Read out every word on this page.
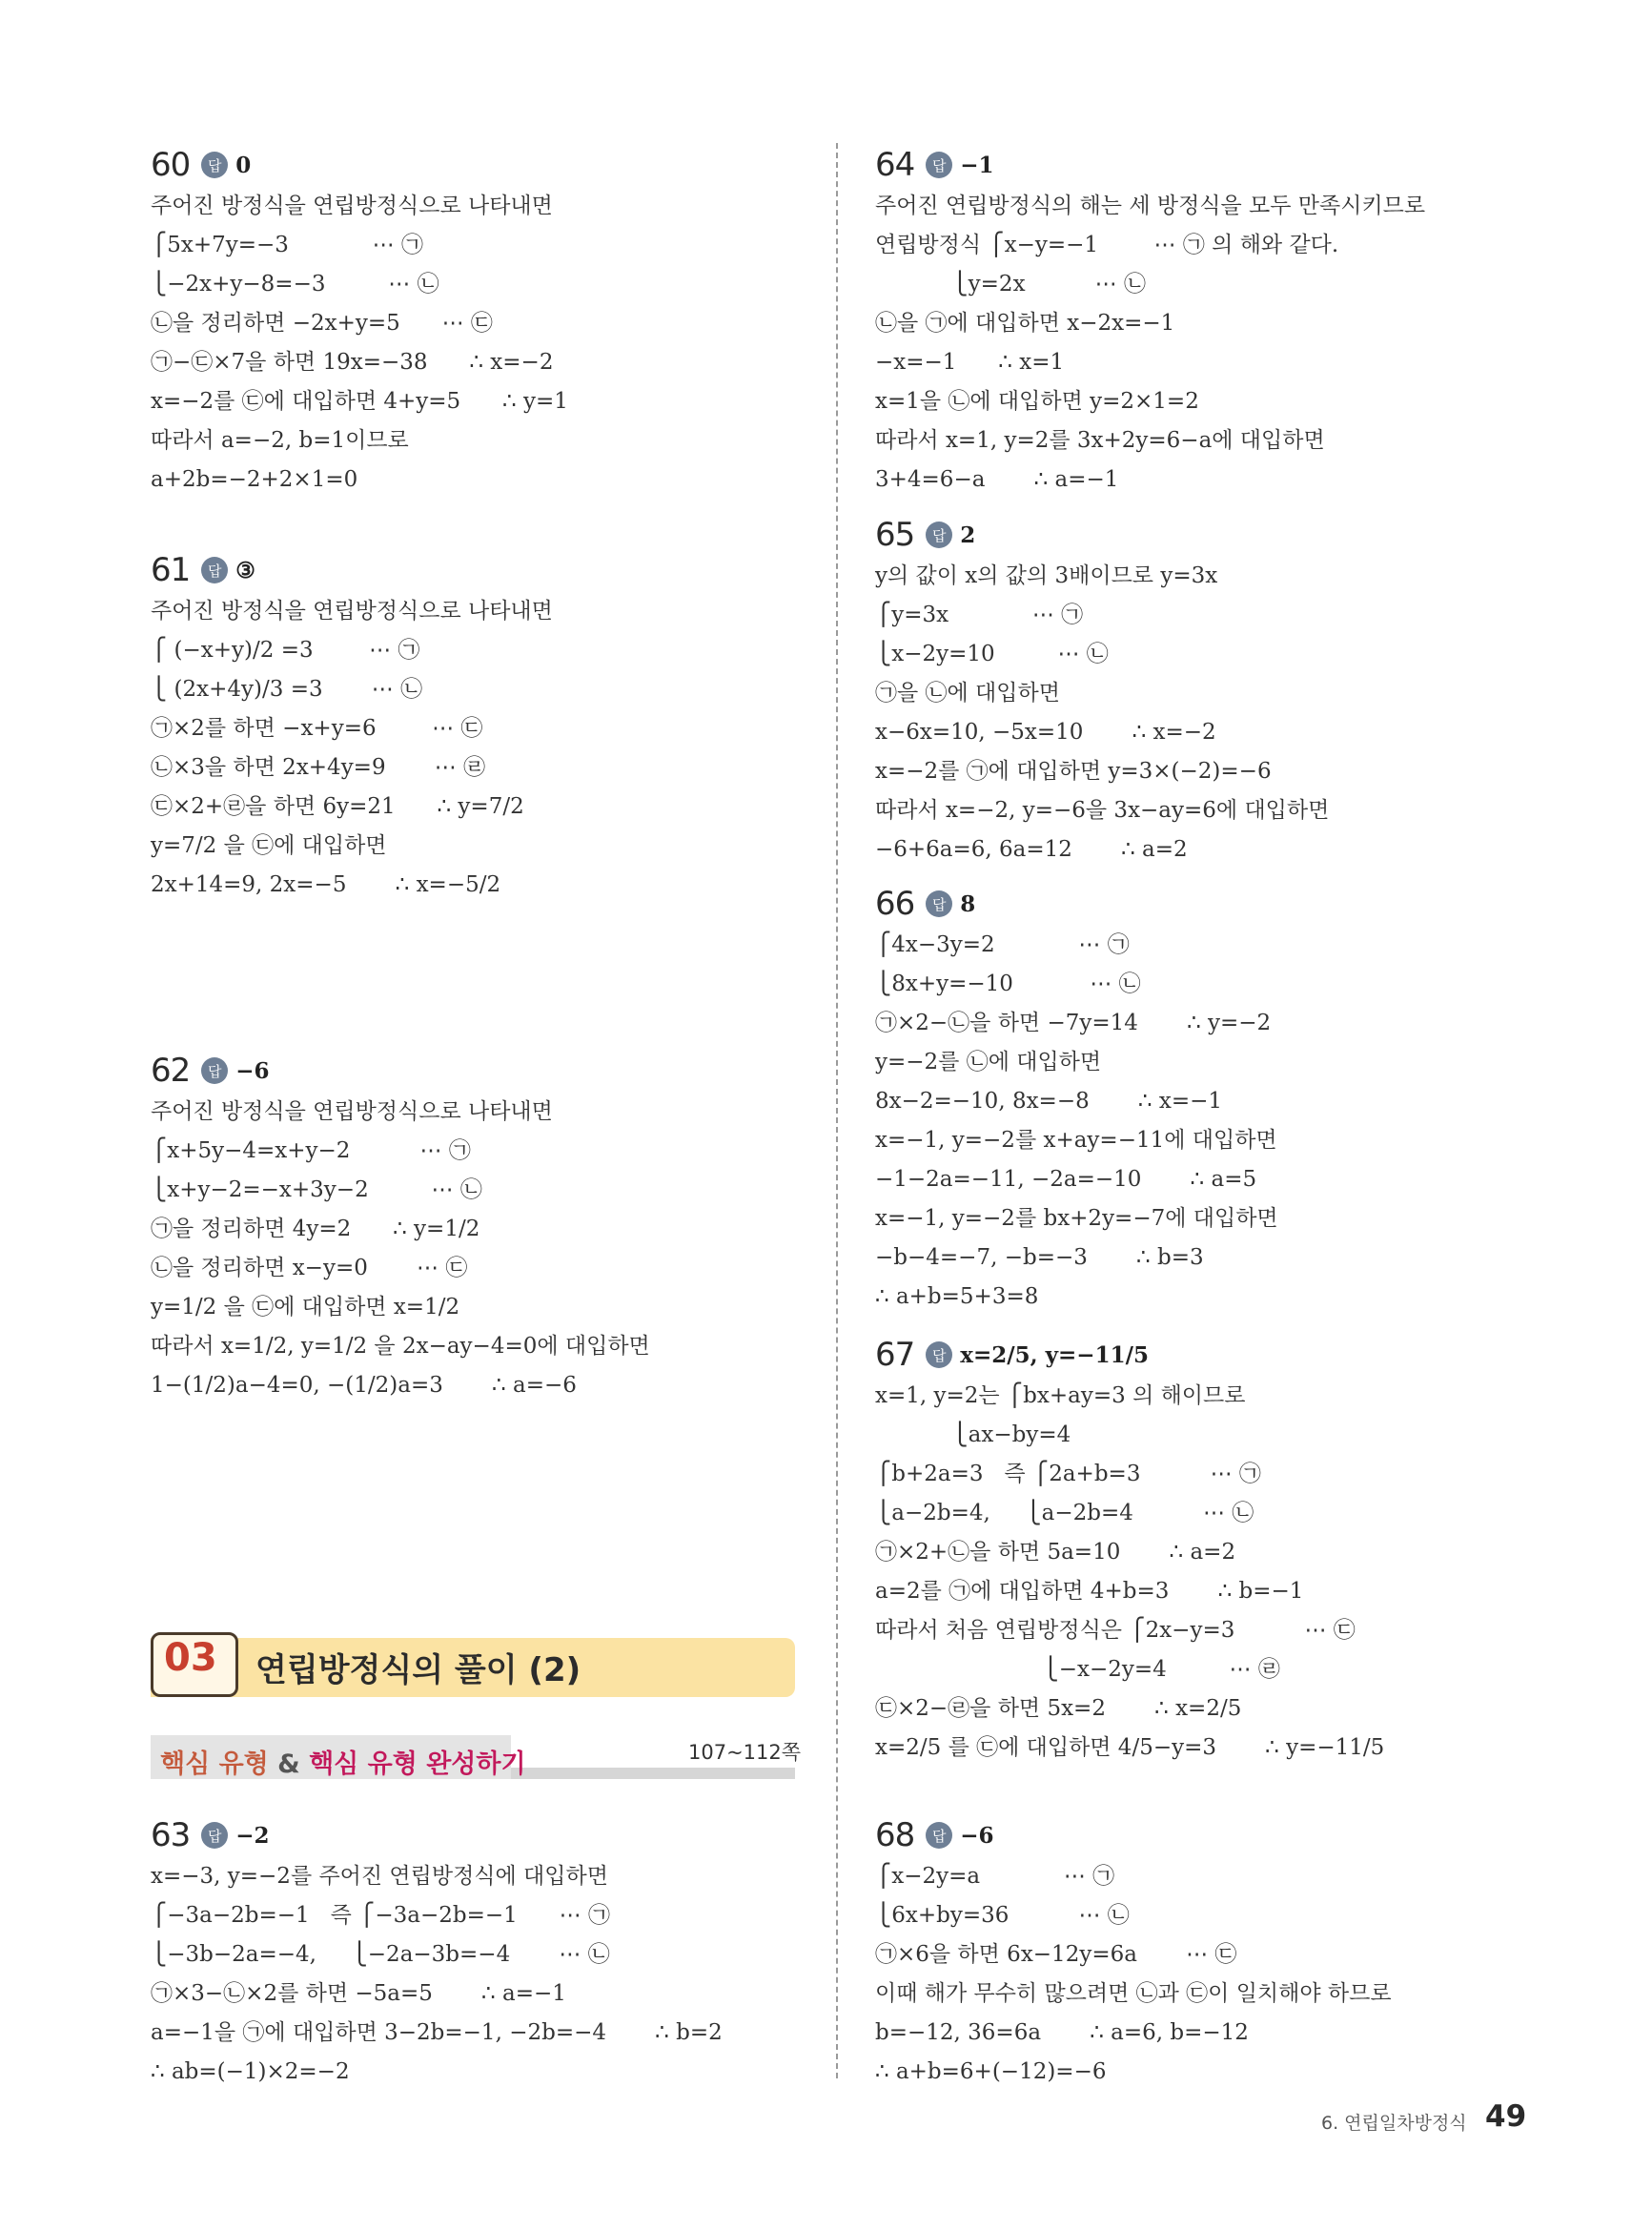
60	답 0
주어진 방정식을 연립방정식으로 나타내면
⎧5x+7y=−3            ⋯ ㉠
⎩−2x+y−8=−3         ⋯ ㉡
㉡을 정리하면 −2x+y=5      ⋯ ㉢
㉠−㉢×7을 하면 19x=−38      ∴ x=−2
x=−2를 ㉢에 대입하면 4+y=5      ∴ y=1
따라서 a=−2, b=1이므로
a+2b=−2+2×1=0
61	답 ③
주어진 방정식을 연립방정식으로 나타내면
⎧ (−x+y)/2 =3        ⋯ ㉠
⎩ (2x+4y)/3 =3       ⋯ ㉡
㉠×2를 하면 −x+y=6        ⋯ ㉢
㉡×3을 하면 2x+4y=9       ⋯ ㉣
㉢×2+㉣을 하면 6y=21      ∴ y=7/2
y=7/2 을 ㉢에 대입하면
2x+14=9, 2x=−5       ∴ x=−5/2
62	답 −6
주어진 방정식을 연립방정식으로 나타내면
⎧x+5y−4=x+y−2          ⋯ ㉠
⎩x+y−2=−x+3y−2         ⋯ ㉡
㉠을 정리하면 4y=2      ∴ y=1/2
㉡을 정리하면 x−y=0       ⋯ ㉢
y=1/2 을 ㉢에 대입하면 x=1/2
따라서 x=1/2, y=1/2 을 2x−ay−4=0에 대입하면
1−(1/2)a−4=0, −(1/2)a=3       ∴ a=−6
63	답 −2
x=−3, y=−2를 주어진 연립방정식에 대입하면
⎧−3a−2b=−1   즉 ⎧−3a−2b=−1      ⋯ ㉠
⎩−3b−2a=−4,     ⎩−2a−3b=−4       ⋯ ㉡
㉠×3−㉡×2를 하면 −5a=5       ∴ a=−1
a=−1을 ㉠에 대입하면 3−2b=−1, −2b=−4       ∴ b=2
∴ ab=(−1)×2=−2
64	답 −1
주어진 연립방정식의 해는 세 방정식을 모두 만족시키므로
연립방정식 ⎧x−y=−1        ⋯ ㉠ 의 해와 같다.
⎩y=2x          ⋯ ㉡
㉡을 ㉠에 대입하면 x−2x=−1
−x=−1      ∴ x=1
x=1을 ㉡에 대입하면 y=2×1=2
따라서 x=1, y=2를 3x+2y=6−a에 대입하면
3+4=6−a       ∴ a=−1
65	답 2
y의 값이 x의 값의 3배이므로 y=3x
⎧y=3x            ⋯ ㉠
⎩x−2y=10         ⋯ ㉡
㉠을 ㉡에 대입하면
x−6x=10, −5x=10       ∴ x=−2
x=−2를 ㉠에 대입하면 y=3×(−2)=−6
따라서 x=−2, y=−6을 3x−ay=6에 대입하면
−6+6a=6, 6a=12       ∴ a=2
66	답 8
⎧4x−3y=2            ⋯ ㉠
⎩8x+y=−10           ⋯ ㉡
㉠×2−㉡을 하면 −7y=14       ∴ y=−2
y=−2를 ㉡에 대입하면
8x−2=−10, 8x=−8       ∴ x=−1
x=−1, y=−2를 x+ay=−11에 대입하면
−1−2a=−11, −2a=−10       ∴ a=5
x=−1, y=−2를 bx+2y=−7에 대입하면
−b−4=−7, −b=−3       ∴ b=3
∴ a+b=5+3=8
67	답 x=2/5, y=−11/5
x=1, y=2는 ⎧bx+ay=3 의 해이므로
⎩ax−by=4
⎧b+2a=3   즉 ⎧2a+b=3          ⋯ ㉠
⎩a−2b=4,     ⎩a−2b=4          ⋯ ㉡
㉠×2+㉡을 하면 5a=10       ∴ a=2
a=2를 ㉠에 대입하면 4+b=3       ∴ b=−1
따라서 처음 연립방정식은 ⎧2x−y=3          ⋯ ㉢
⎩−x−2y=4         ⋯ ㉣
㉢×2−㉣을 하면 5x=2       ∴ x=2/5
x=2/5 를 ㉢에 대입하면 4/5−y=3       ∴ y=−11/5
68	답 −6
⎧x−2y=a            ⋯ ㉠
⎩6x+by=36          ⋯ ㉡
㉠×6을 하면 6x−12y=6a       ⋯ ㉢
이때 해가 무수히 많으려면 ㉡과 ㉢이 일치해야 하므로
b=−12, 36=6a       ∴ a=6, b=−12
∴ a+b=6+(−12)=−6
03 연립방정식의 풀이 (2)
핵심 유형 & 핵심 유형 완성하기	107~112쪽
6. 연립일차방정식 49
